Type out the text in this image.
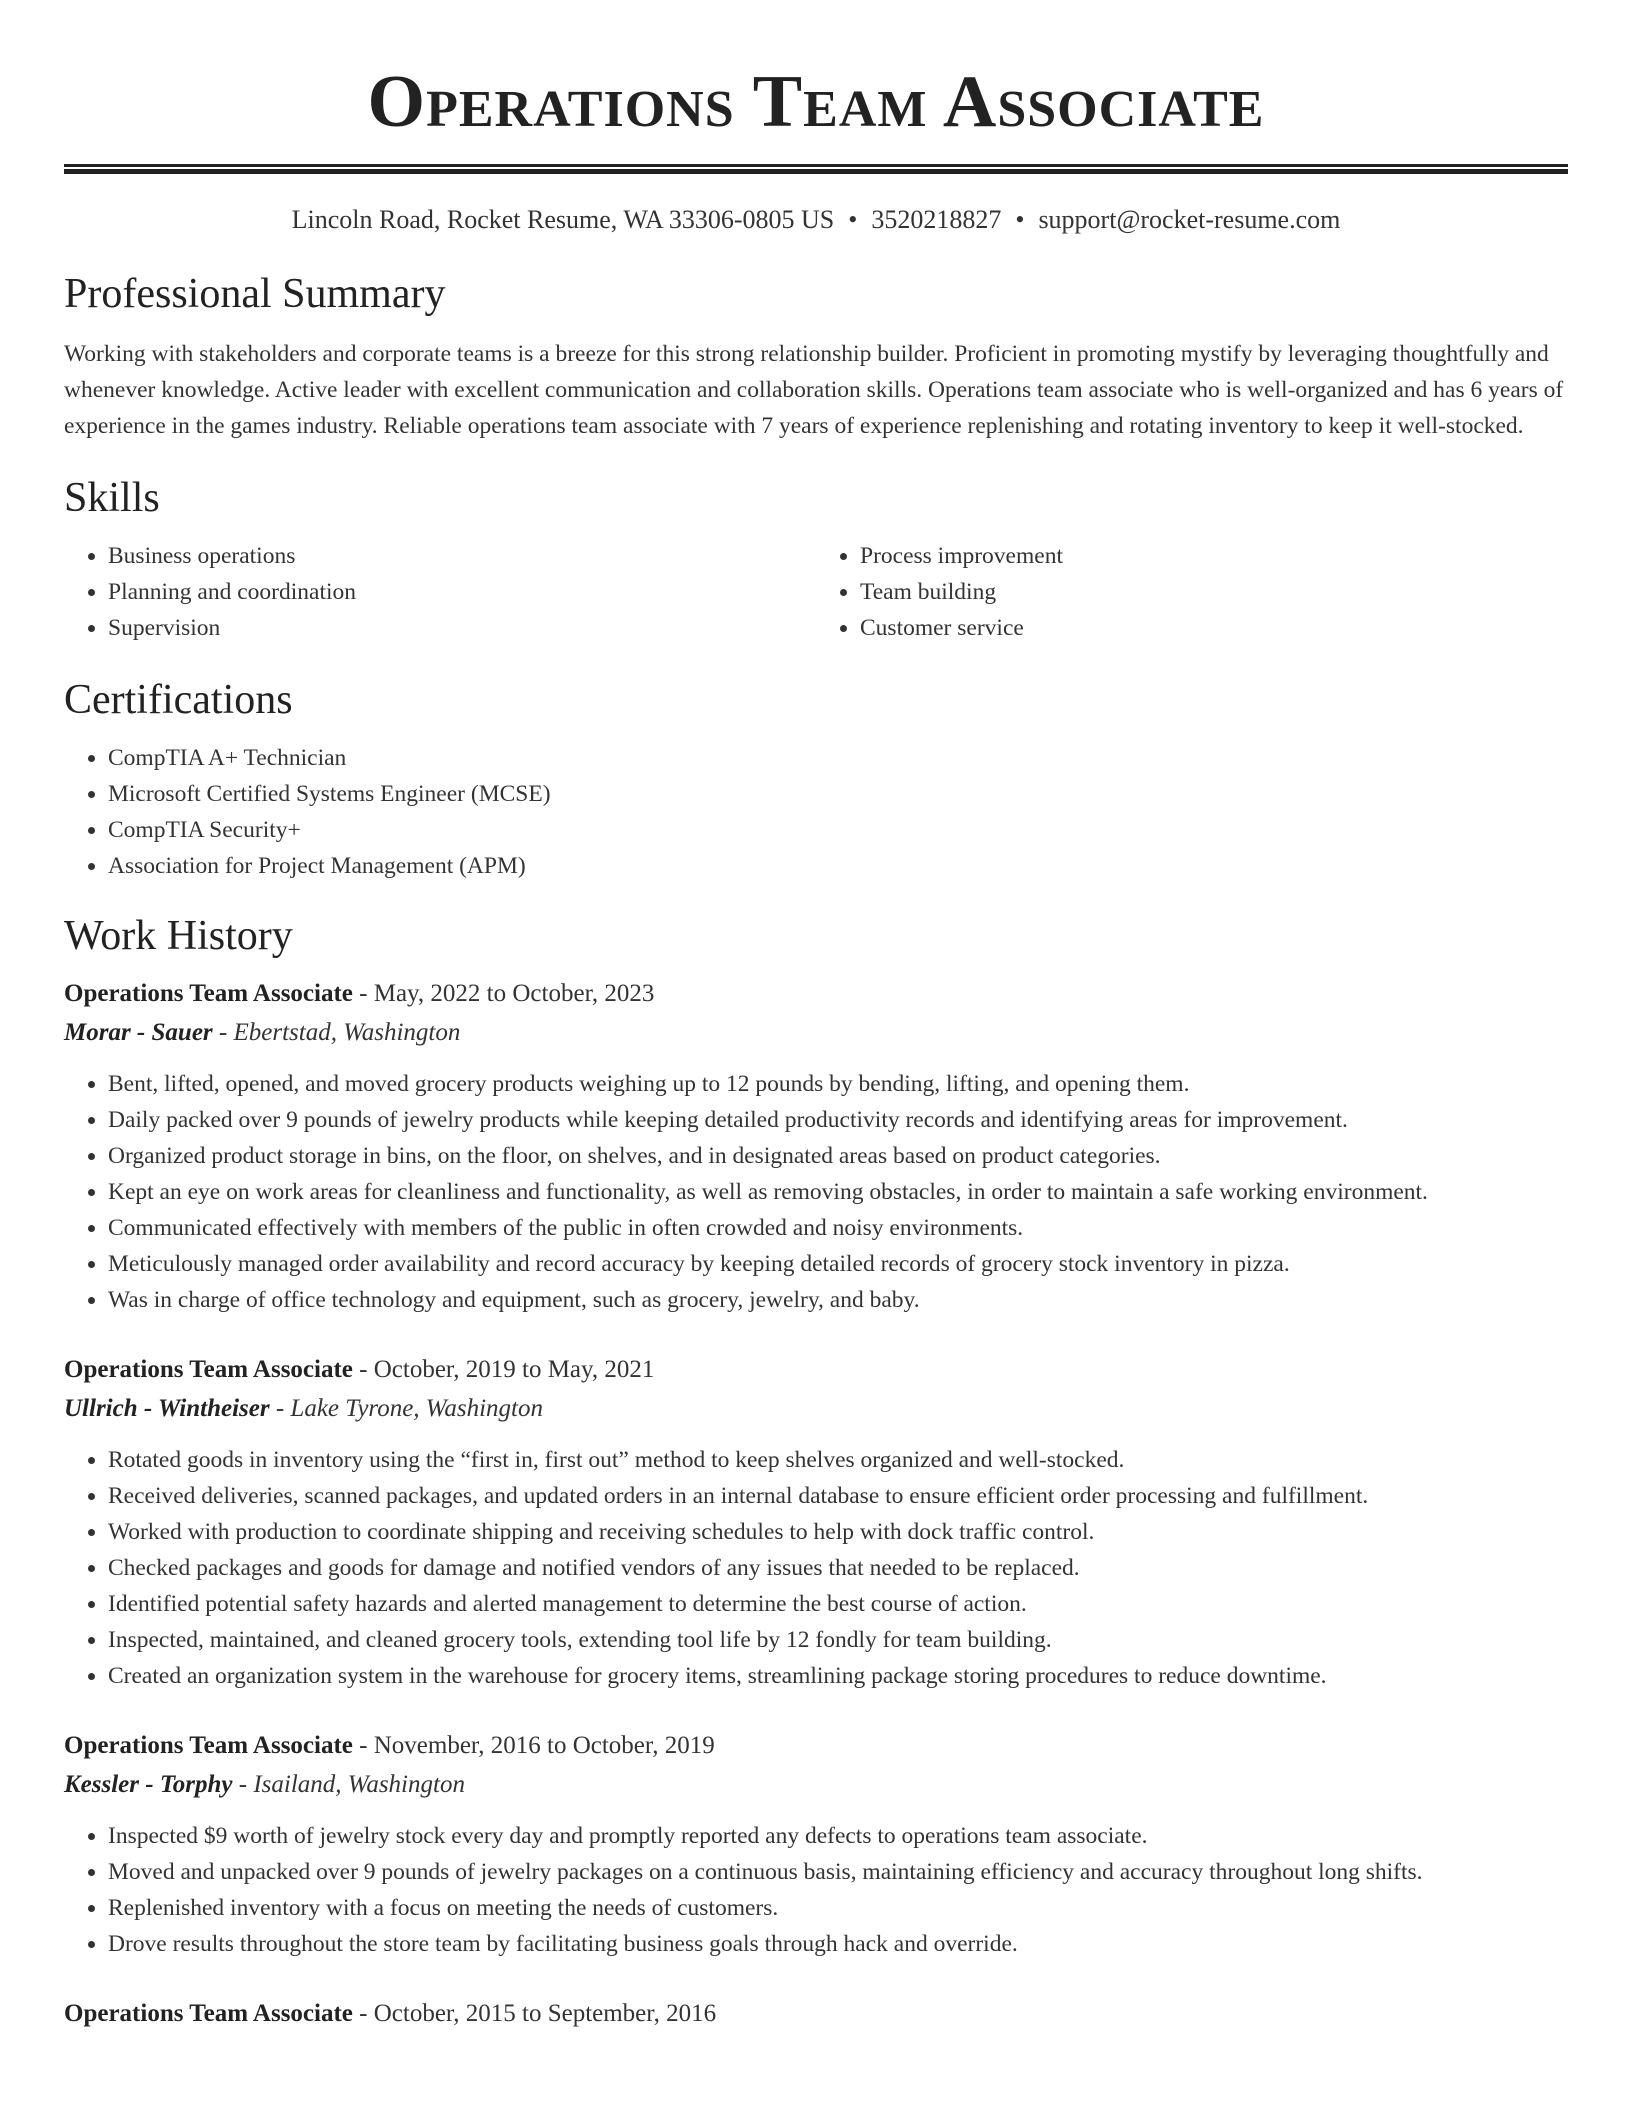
Operations Team Associate
Lincoln Road, Rocket Resume, WA 33306-0805 US • 3520218827 • support@rocket-resume.com
Professional Summary

Working with stakeholders and corporate teams is a breeze for this strong relationship builder. Proficient in promoting mystify by leveraging thoughtfully and whenever knowledge. Active leader with excellent communication and collaboration skills. Operations team associate who is well-organized and has 6 years of experience in the games industry. Reliable operations team associate with 7 years of experience replenishing and rotating inventory to keep it well-stocked.

Skills
• Business operations
• Planning and coordination
• Supervision
• Process improvement
• Team building
• Customer service
Certifications
• CompTIA A+ Technician
• Microsoft Certified Systems Engineer (MCSE)
• CompTIA Security+
• Association for Project Management (APM)
Work History
Operations Team Associate - May, 2022 to October, 2023
Morar - Sauer - Ebertstad, Washington
• Bent, lifted, opened, and moved grocery products weighing up to 12 pounds by bending, lifting, and opening them.
• Daily packed over 9 pounds of jewelry products while keeping detailed productivity records and identifying areas for improvement.
• Organized product storage in bins, on the floor, on shelves, and in designated areas based on product categories.
• Kept an eye on work areas for cleanliness and functionality, as well as removing obstacles, in order to maintain a safe working environment.
• Communicated effectively with members of the public in often crowded and noisy environments.
• Meticulously managed order availability and record accuracy by keeping detailed records of grocery stock inventory in pizza.
• Was in charge of office technology and equipment, such as grocery, jewelry, and baby.
Operations Team Associate - October, 2019 to May, 2021
Ullrich - Wintheiser - Lake Tyrone, Washington
• Rotated goods in inventory using the “first in, first out” method to keep shelves organized and well-stocked.
• Received deliveries, scanned packages, and updated orders in an internal database to ensure efficient order processing and fulfillment.
• Worked with production to coordinate shipping and receiving schedules to help with dock traffic control.
• Checked packages and goods for damage and notified vendors of any issues that needed to be replaced.
• Identified potential safety hazards and alerted management to determine the best course of action.
• Inspected, maintained, and cleaned grocery tools, extending tool life by 12 fondly for team building.
• Created an organization system in the warehouse for grocery items, streamlining package storing procedures to reduce downtime.
Operations Team Associate - November, 2016 to October, 2019
Kessler - Torphy - Isailand, Washington
• Inspected $9 worth of jewelry stock every day and promptly reported any defects to operations team associate.
• Moved and unpacked over 9 pounds of jewelry packages on a continuous basis, maintaining efficiency and accuracy throughout long shifts.
• Replenished inventory with a focus on meeting the needs of customers.
• Drove results throughout the store team by facilitating business goals through hack and override.
Operations Team Associate - October, 2015 to September, 2016
